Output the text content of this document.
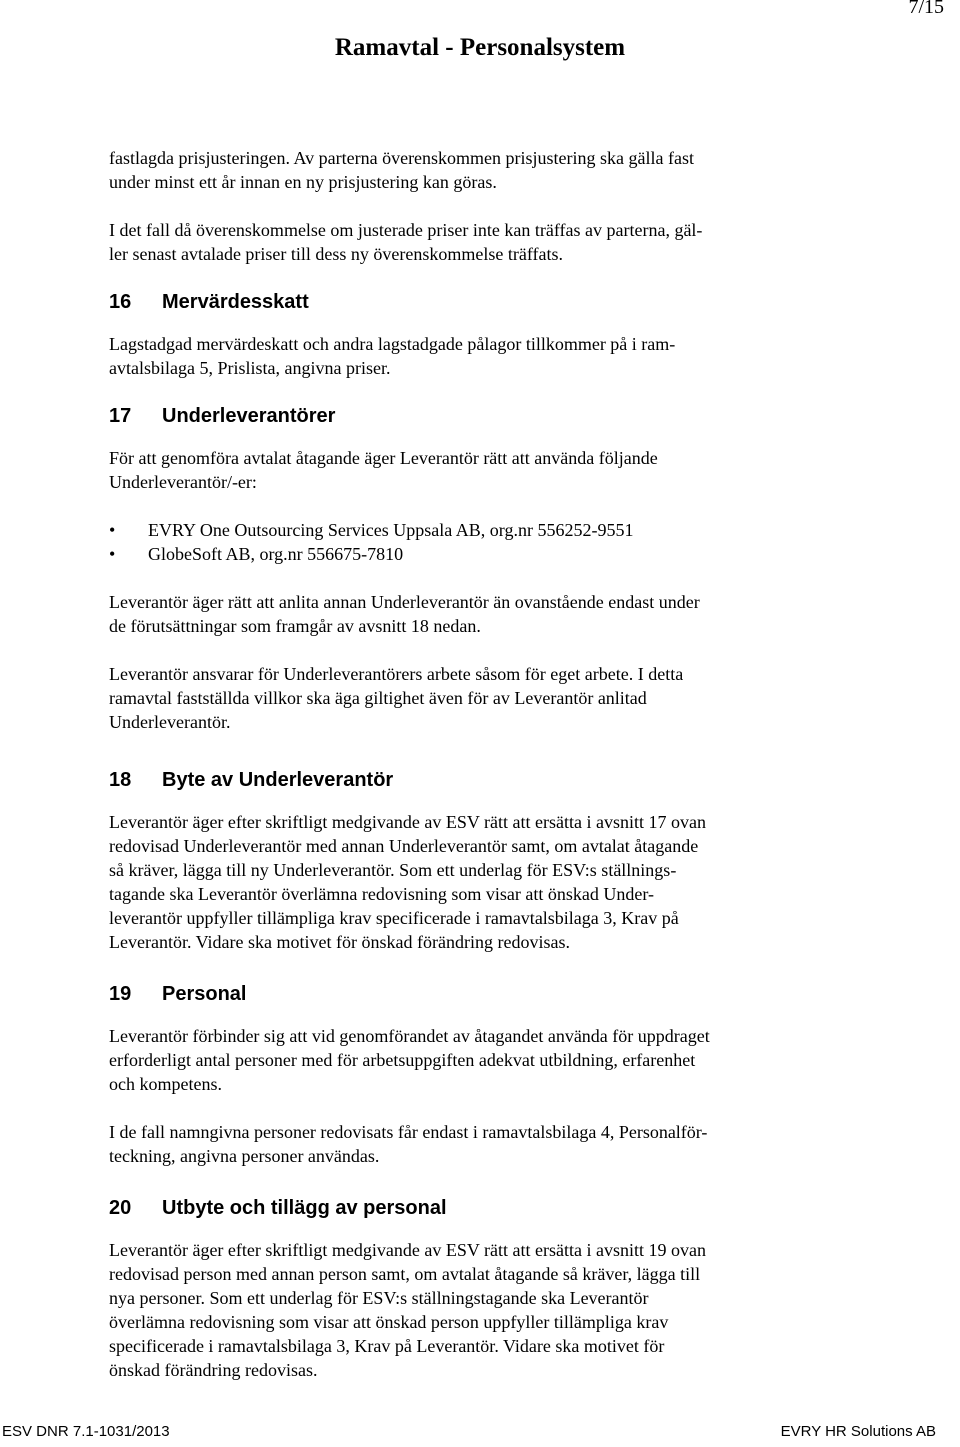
7/15
Ramavtal - Personalsystem

fastlagda prisjusteringen. Av parterna överenskommen prisjustering ska gälla fast
under minst ett år innan en ny prisjustering kan göras.

I det fall då överenskommelse om justerade priser inte kan träffas av parterna, gäl-
ler senast avtalade priser till dess ny överenskommelse träffats.

16 Mervärdesskatt

Lagstadgad mervärdeskatt och andra lagstadgade pålagor tillkommer på i ram-
avtalsbilaga 5, Prislista, angivna priser.

17 Underleverantörer

För att genomföra avtalat åtagande äger Leverantör rätt att använda följande
Underleverantör/-er:

• EVRY One Outsourcing Services Uppsala AB, org.nr 556252-9551
• GlobeSoft AB, org.nr 556675-7810

Leverantör äger rätt att anlita annan Underleverantör än ovanstående endast under
de förutsättningar som framgår av avsnitt 18 nedan.

Leverantör ansvarar för Underleverantörers arbete såsom för eget arbete. I detta
ramavtal fastställda villkor ska äga giltighet även för av Leverantör anlitad
Underleverantör.

18 Byte av Underleverantör

Leverantör äger efter skriftligt medgivande av ESV rätt att ersätta i avsnitt 17 ovan
redovisad Underleverantör med annan Underleverantör samt, om avtalat åtagande
så kräver, lägga till ny Underleverantör. Som ett underlag för ESV:s ställnings-
tagande ska Leverantör överlämna redovisning som visar att önskad Under-
leverantör uppfyller tillämpliga krav specificerade i ramavtalsbilaga 3, Krav på
Leverantör. Vidare ska motivet för önskad förändring redovisas.

19 Personal

Leverantör förbinder sig att vid genomförandet av åtagandet använda för uppdraget
erforderligt antal personer med för arbetsuppgiften adekvat utbildning, erfarenhet
och kompetens.

I de fall namngivna personer redovisats får endast i ramavtalsbilaga 4, Personalför-
teckning, angivna personer användas.

20 Utbyte och tillägg av personal

Leverantör äger efter skriftligt medgivande av ESV rätt att ersätta i avsnitt 19 ovan
redovisad person med annan person samt, om avtalat åtagande så kräver, lägga till
nya personer. Som ett underlag för ESV:s ställningstagande ska Leverantör
överlämna redovisning som visar att önskad person uppfyller tillämpliga krav
specificerade i ramavtalsbilaga 3, Krav på Leverantör. Vidare ska motivet för
önskad förändring redovisas.

ESV DNR 7.1-1031/2013	EVRY HR Solutions AB
